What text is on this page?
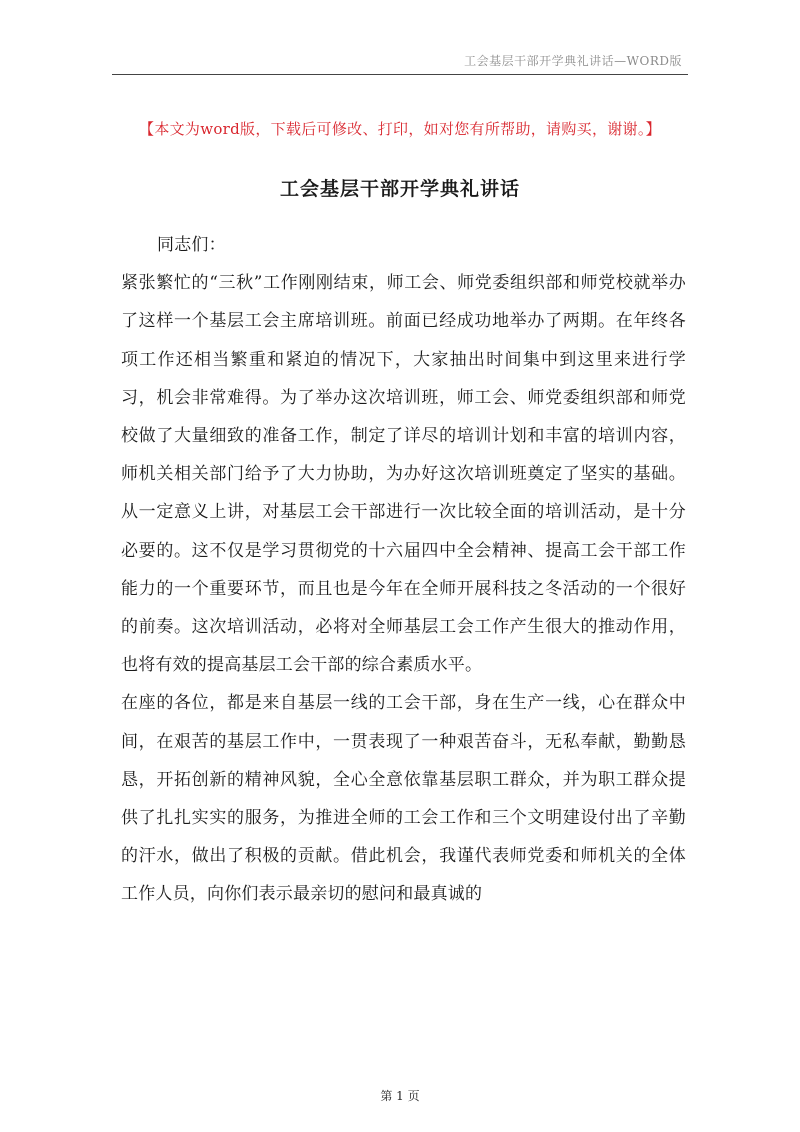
工会基层干部开学典礼讲话—WORD版
【本文为word版，下载后可修改、打印，如对您有所帮助，请购买，谢谢。】
工会基层干部开学典礼讲话

同志们：

紧张繁忙的“三秋”工作刚刚结束，师工会、师党委组织部和师党校就举办了这样一个基层工会主席培训班。前面已经成功地举办了两期。在年终各项工作还相当繁重和紧迫的情况下，大家抽出时间集中到这里来进行学习，机会非常难得。为了举办这次培训班，师工会、师党委组织部和师党校做了大量细致的准备工作，制定了详尽的培训计划和丰富的培训内容，师机关相关部门给予了大力协助，为办好这次培训班奠定了坚实的基础。从一定意义上讲，对基层工会干部进行一次比较全面的培训活动，是十分必要的。这不仅是学习贯彻党的十六届四中全会精神、提高工会干部工作能力的一个重要环节，而且也是今年在全师开展科技之冬活动的一个很好的前奏。这次培训活动，必将对全师基层工会工作产生很大的推动作用，也将有效的提高基层工会干部的综合素质水平。

在座的各位，都是来自基层一线的工会干部，身在生产一线，心在群众中间，在艰苦的基层工作中，一贯表现了一种艰苦奋斗，无私奉献，勤勤恳恳，开拓创新的精神风貌，全心全意依靠基层职工群众，并为职工群众提供了扎扎实实的服务，为推进全师的工会工作和三个文明建设付出了辛勤的汗水，做出了积极的贡献。借此机会，我谨代表师党委和师机关的全体工作人员，向你们表示最亲切的慰问和最真诚的

第 1 页
